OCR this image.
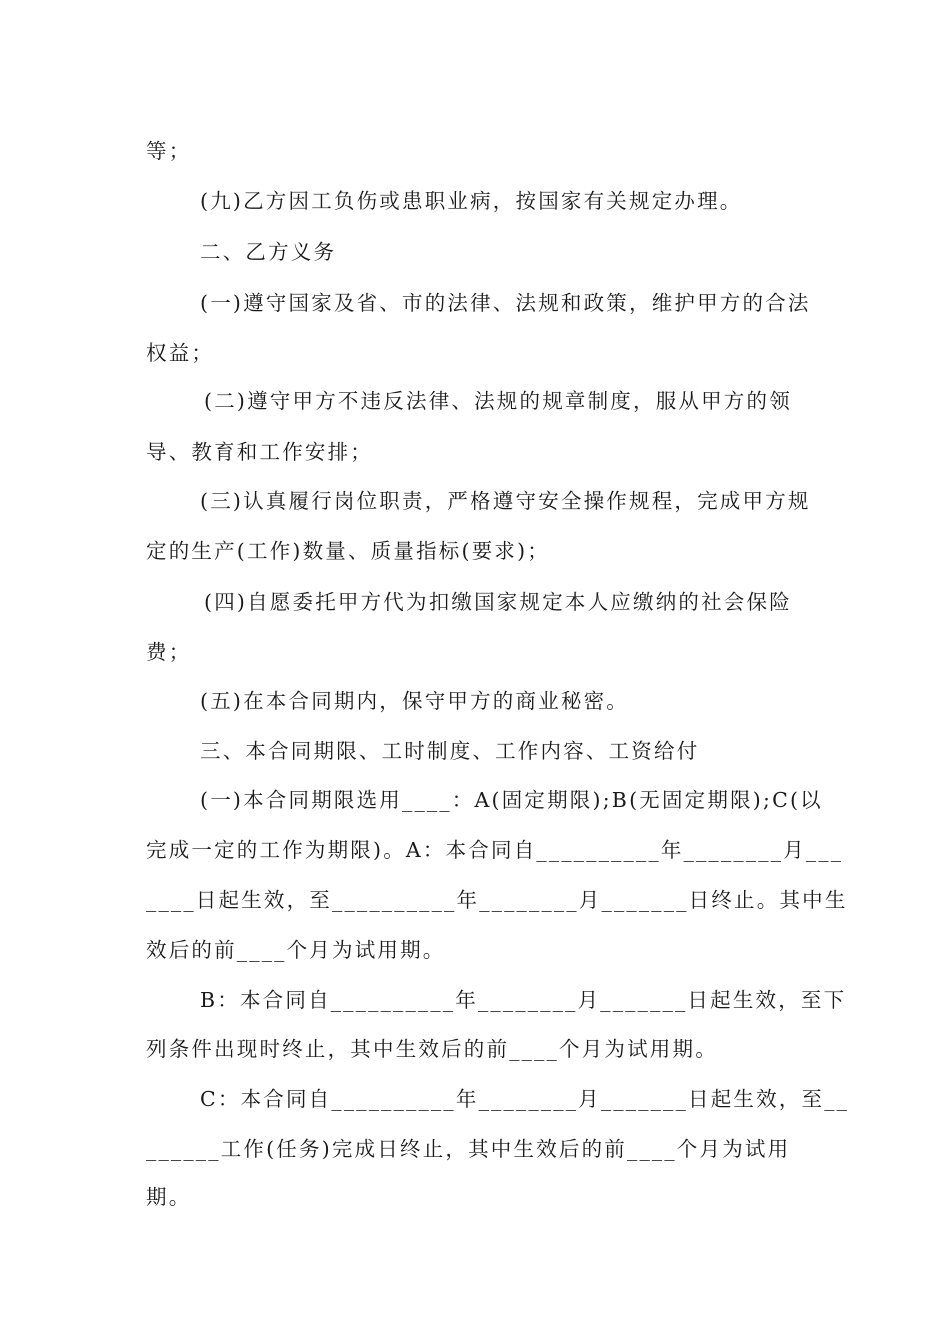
等；
(九)乙方因工负伤或患职业病，按国家有关规定办理。
二、乙方义务
(一)遵守国家及省、市的法律、法规和政策，维护甲方的合法
权益；
(二)遵守甲方不违反法律、法规的规章制度，服从甲方的领
导、教育和工作安排；
(三)认真履行岗位职责，严格遵守安全操作规程，完成甲方规
定的生产(工作)数量、质量指标(要求)；
(四)自愿委托甲方代为扣缴国家规定本人应缴纳的社会保险
费；
(五)在本合同期内，保守甲方的商业秘密。
三、本合同期限、工时制度、工作内容、工资给付
(一)本合同期限选用____：A(固定期限);B(无固定期限);C(以
完成一定的工作为期限)。A：本合同自__________年________月___
____日起生效，至__________年________月_______日终止。其中生
效后的前____个月为试用期。
B：本合同自__________年________月_______日起生效，至下
列条件出现时终止，其中生效后的前____个月为试用期。
C：本合同自__________年________月_______日起生效，至__
______工作(任务)完成日终止，其中生效后的前____个月为试用
期。
